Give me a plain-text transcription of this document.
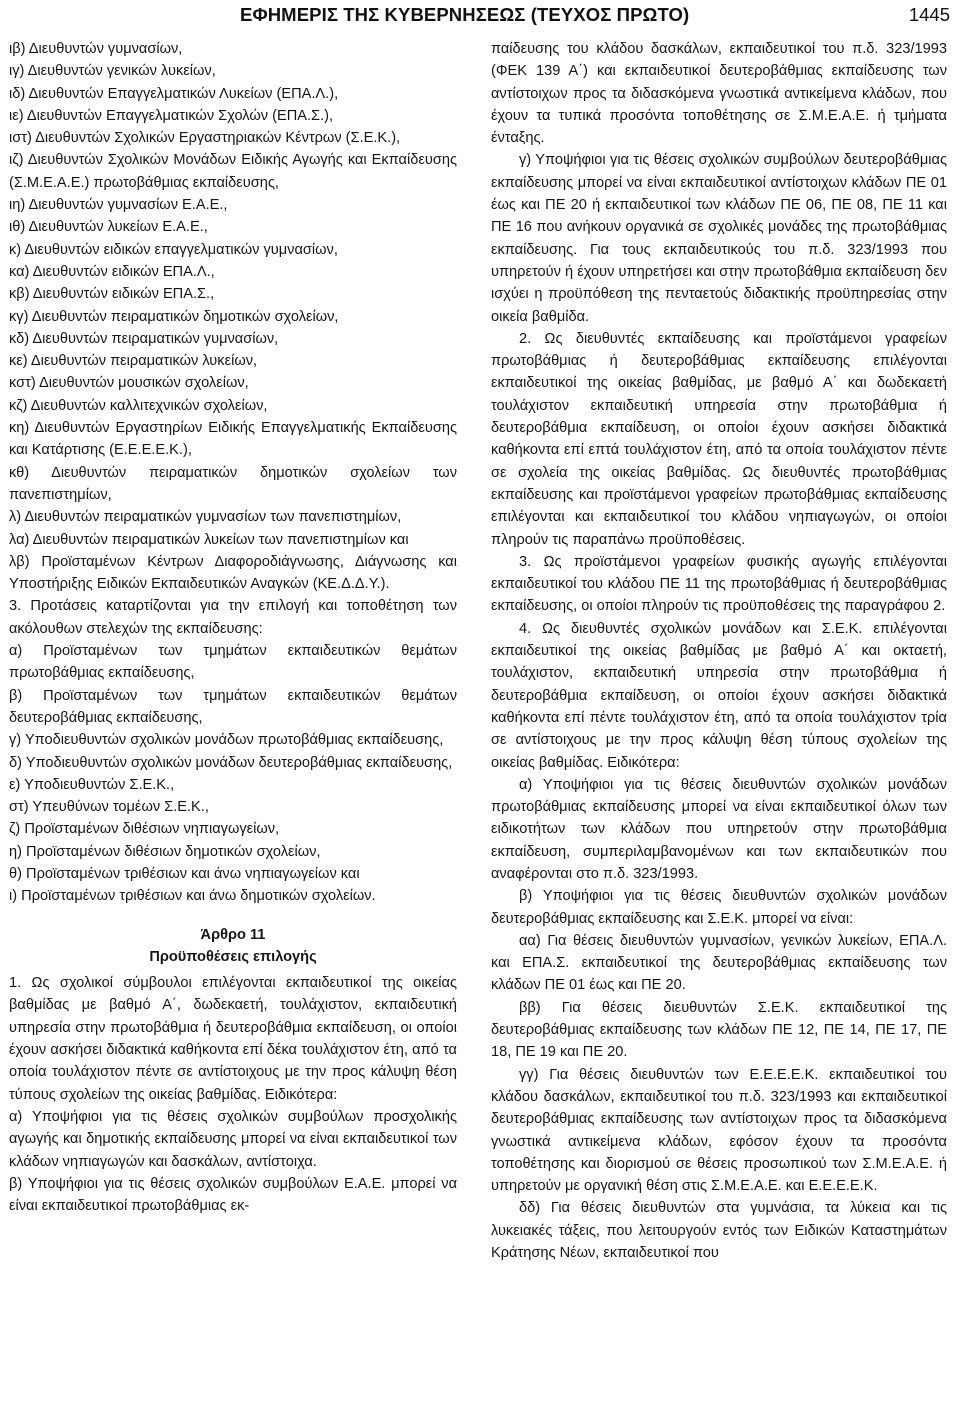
ΕΦΗΜΕΡΙΣ ΤΗΣ ΚΥΒΕΡΝΗΣΕΩΣ (ΤΕΥΧΟΣ ΠΡΩΤΟ)	1445

ιβ) Διευθυντών γυμνασίων,

ιγ) Διευθυντών γενικών λυκείων,

ιδ) Διευθυντών Επαγγελματικών Λυκείων (ΕΠΑ.Λ.),

ιε) Διευθυντών Επαγγελματικών Σχολών (ΕΠΑ.Σ.),

ιστ) Διευθυντών Σχολικών Εργαστηριακών Κέντρων (Σ.Ε.Κ.),

ιζ) Διευθυντών Σχολικών Μονάδων Ειδικής Αγωγής και Εκπαίδευσης (Σ.Μ.Ε.Α.Ε.) πρωτοβάθμιας εκπαίδευσης,

ιη) Διευθυντών γυμνασίων Ε.Α.Ε.,

ιθ) Διευθυντών λυκείων Ε.Α.Ε.,

κ) Διευθυντών ειδικών επαγγελματικών γυμνασίων,

κα) Διευθυντών ειδικών ΕΠΑ.Λ.,

κβ) Διευθυντών ειδικών ΕΠΑ.Σ.,

κγ) Διευθυντών πειραματικών δημοτικών σχολείων,

κδ) Διευθυντών πειραματικών γυμνασίων,

κε) Διευθυντών πειραματικών λυκείων,

κστ) Διευθυντών μουσικών σχολείων,

κζ) Διευθυντών καλλιτεχνικών σχολείων,

κη) Διευθυντών Εργαστηρίων Ειδικής Επαγγελματικής Εκπαίδευσης και Κατάρτισης (Ε.Ε.Ε.Ε.Κ.),

κθ) Διευθυντών πειραματικών δημοτικών σχολείων των πανεπιστημίων,

λ) Διευθυντών πειραματικών γυμνασίων των πανεπιστημίων,

λα) Διευθυντών πειραματικών λυκείων των πανεπιστημίων και

λβ) Προϊσταμένων Κέντρων Διαφοροδιάγνωσης, Διάγνωσης και Υποστήριξης Ειδικών Εκπαιδευτικών Αναγκών (ΚΕ.Δ.Δ.Υ.).

3. Προτάσεις καταρτίζονται για την επιλογή και τοποθέτηση των ακόλουθων στελεχών της εκπαίδευσης:

α) Προϊσταμένων των τμημάτων εκπαιδευτικών θεμάτων πρωτοβάθμιας εκπαίδευσης,

β) Προϊσταμένων των τμημάτων εκπαιδευτικών θεμάτων δευτεροβάθμιας εκπαίδευσης,

γ) Υποδιευθυντών σχολικών μονάδων πρωτοβάθμιας εκπαίδευσης,

δ) Υποδιευθυντών σχολικών μονάδων δευτεροβάθμιας εκπαίδευσης,

ε) Υποδιευθυντών Σ.Ε.Κ.,

στ) Υπευθύνων τομέων Σ.Ε.Κ.,

ζ) Προϊσταμένων διθέσιων νηπιαγωγείων,

η) Προϊσταμένων διθέσιων δημοτικών σχολείων,

θ) Προϊσταμένων τριθέσιων και άνω νηπιαγωγείων και

ι) Προϊσταμένων τριθέσιων και άνω δημοτικών σχολείων.

Άρθρο 11

Προϋποθέσεις επιλογής

1. Ως σχολικοί σύμβουλοι επιλέγονται εκπαιδευτικοί της οικείας βαθμίδας με βαθμό Α΄, δωδεκαετή, τουλάχιστον, εκπαιδευτική υπηρεσία στην πρωτοβάθμια ή δευτεροβάθμια εκπαίδευση, οι οποίοι έχουν ασκήσει διδακτικά καθήκοντα επί δέκα τουλάχιστον έτη, από τα οποία τουλάχιστον πέντε σε αντίστοιχους με την προς κάλυψη θέση τύπους σχολείων της οικείας βαθμίδας. Ειδικότερα:

α) Υποψήφιοι για τις θέσεις σχολικών συμβούλων προσχολικής αγωγής και δημοτικής εκπαίδευσης μπορεί να είναι εκπαιδευτικοί των κλάδων νηπιαγωγών και δασκάλων, αντίστοιχα.

β) Υποψήφιοι για τις θέσεις σχολικών συμβούλων Ε.Α.Ε. μπορεί να είναι εκπαιδευτικοί πρωτοβάθμιας εκ-

παίδευσης του κλάδου δασκάλων, εκπαιδευτικοί του π.δ. 323/1993 (ΦΕΚ 139 Α΄) και εκπαιδευτικοί δευτεροβάθμιας εκπαίδευσης των αντίστοιχων προς τα διδασκόμενα γνωστικά αντικείμενα κλάδων, που έχουν τα τυπικά προσόντα τοποθέτησης σε Σ.Μ.Ε.Α.Ε. ή τμήματα ένταξης.

γ) Υποψήφιοι για τις θέσεις σχολικών συμβούλων δευτεροβάθμιας εκπαίδευσης μπορεί να είναι εκπαιδευτικοί αντίστοιχων κλάδων ΠΕ 01 έως και ΠΕ 20 ή εκπαιδευτικοί των κλάδων ΠΕ 06, ΠΕ 08, ΠΕ 11 και ΠΕ 16 που ανήκουν οργανικά σε σχολικές μονάδες της πρωτοβάθμιας εκπαίδευσης. Για τους εκπαιδευτικούς του π.δ. 323/1993 που υπηρετούν ή έχουν υπηρετήσει και στην πρωτοβάθμια εκπαίδευση δεν ισχύει η προϋπόθεση της πενταετούς διδακτικής προϋπηρεσίας στην οικεία βαθμίδα.

2. Ως διευθυντές εκπαίδευσης και προϊστάμενοι γραφείων πρωτοβάθμιας ή δευτεροβάθμιας εκπαίδευσης επιλέγονται εκπαιδευτικοί της οικείας βαθμίδας, με βαθμό Α΄ και δωδεκαετή τουλάχιστον εκπαιδευτική υπηρεσία στην πρωτοβάθμια ή δευτεροβάθμια εκπαίδευση, οι οποίοι έχουν ασκήσει διδακτικά καθήκοντα επί επτά τουλάχιστον έτη, από τα οποία τουλάχιστον πέντε σε σχολεία της οικείας βαθμίδας. Ως διευθυντές πρωτοβάθμιας εκπαίδευσης και προϊστάμενοι γραφείων πρωτοβάθμιας εκπαίδευσης επιλέγονται και εκπαιδευτικοί του κλάδου νηπιαγωγών, οι οποίοι πληρούν τις παραπάνω προϋποθέσεις.

3. Ως προϊστάμενοι γραφείων φυσικής αγωγής επιλέγονται εκπαιδευτικοί του κλάδου ΠΕ 11 της πρωτοβάθμιας ή δευτεροβάθμιας εκπαίδευσης, οι οποίοι πληρούν τις προϋποθέσεις της παραγράφου 2.

4. Ως διευθυντές σχολικών μονάδων και Σ.Ε.Κ. επιλέγονται εκπαιδευτικοί της οικείας βαθμίδας με βαθμό Α΄ και οκταετή, τουλάχιστον, εκπαιδευτική υπηρεσία στην πρωτοβάθμια ή δευτεροβάθμια εκπαίδευση, οι οποίοι έχουν ασκήσει διδακτικά καθήκοντα επί πέντε τουλάχιστον έτη, από τα οποία τουλάχιστον τρία σε αντίστοιχους με την προς κάλυψη θέση τύπους σχολείων της οικείας βαθμίδας. Ειδικότερα:

α) Υποψήφιοι για τις θέσεις διευθυντών σχολικών μονάδων πρωτοβάθμιας εκπαίδευσης μπορεί να είναι εκπαιδευτικοί όλων των ειδικοτήτων των κλάδων που υπηρετούν στην πρωτοβάθμια εκπαίδευση, συμπεριλαμβανομένων και των εκπαιδευτικών που αναφέρονται στο π.δ. 323/1993.

β) Υποψήφιοι για τις θέσεις διευθυντών σχολικών μονάδων δευτεροβάθμιας εκπαίδευσης και Σ.Ε.Κ. μπορεί να είναι:

αα) Για θέσεις διευθυντών γυμνασίων, γενικών λυκείων, ΕΠΑ.Λ. και ΕΠΑ.Σ. εκπαιδευτικοί της δευτεροβάθμιας εκπαίδευσης των κλάδων ΠΕ 01 έως και ΠΕ 20.

ββ) Για θέσεις διευθυντών Σ.Ε.Κ. εκπαιδευτικοί της δευτεροβάθμιας εκπαίδευσης των κλάδων ΠΕ 12, ΠΕ 14, ΠΕ 17, ΠΕ 18, ΠΕ 19 και ΠΕ 20.

γγ) Για θέσεις διευθυντών των Ε.Ε.Ε.Ε.Κ. εκπαιδευτικοί του κλάδου δασκάλων, εκπαιδευτικοί του π.δ. 323/1993 και εκπαιδευτικοί δευτεροβάθμιας εκπαίδευσης των αντίστοιχων προς τα διδασκόμενα γνωστικά αντικείμενα κλάδων, εφόσον έχουν τα προσόντα τοποθέτησης και διορισμού σε θέσεις προσωπικού των Σ.Μ.Ε.Α.Ε. ή υπηρετούν με οργανική θέση στις Σ.Μ.Ε.Α.Ε. και Ε.Ε.Ε.Ε.Κ.

δδ) Για θέσεις διευθυντών στα γυμνάσια, τα λύκεια και τις λυκειακές τάξεις, που λειτουργούν εντός των Ειδικών Καταστημάτων Κράτησης Νέων, εκπαιδευτικοί που
